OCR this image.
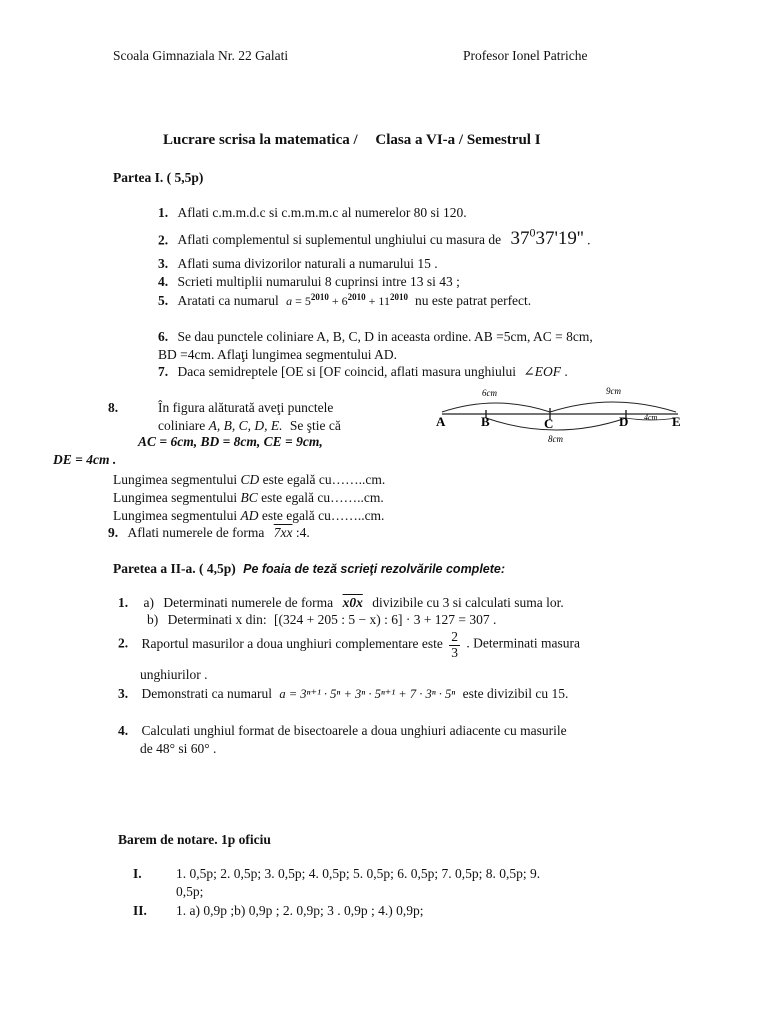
Scoala Gimnaziala Nr. 22 Galati	Profesor Ionel Patriche
Lucrare scrisa la matematica / Clasa a VI-a / Semestrul I
Partea I. ( 5,5p)
1. Aflati c.m.m.d.c si c.m.m.m.c al numerelor 80 si 120.
2. Aflati complementul si suplementul unghiului cu masura de $37^037'19''$ .
3. Aflati suma divizorilor naturali a numarului 15 .
4. Scrieti multiplii numarului 8 cuprinsi intre 13 si 43 ;
5. Aratati ca numarul $a = 5^{2010} + 6^{2010} + 11^{2010}$ nu este patrat perfect.
6. Se dau punctele coliniare A, B, C, D in aceasta ordine. AB =5cm, AC = 8cm,
BD =4cm. Aflaţi lungimea segmentului AD.
7. Daca semidreptele [OE si [OF coincid, aflati masura unghiului ∠EOF .
8.	În figura alăturată aveţi punctele
coliniare A, B, C, D, E. Se ştie că
AC = 6cm, BD = 8cm, CE = 9cm,
DE = 4cm .
Lungimea segmentului CD este egală cu……..cm.
Lungimea segmentului BC este egală cu……..cm.
Lungimea segmentului AD este egală cu……..cm.
A	B	C	D	E
6cm	9cm
4cm
8cm
9. Aflati numerele de forma 7xx :4.
Paretea a II-a. ( 4,5p) Pe foaia de teză scrieţi rezolvările complete:
1. a) Determinati numerele de forma x0x divizibile cu 3 si calculati suma lor.
b) Determinati x din: [(324 + 205 : 5 − x) : 6] · 3 + 127 = 307 .
2. Raportul masurilor a doua unghiuri complementare este $\frac{2}{3}$ . Determinati masura
unghiurilor .
3. Demonstrati ca numarul a = 3ⁿ⁺¹ · 5ⁿ + 3ⁿ · 5ⁿ⁺¹ + 7 · 3ⁿ · 5ⁿ este divizibil cu 15.
4. Calculati unghiul format de bisectoarele a doua unghiuri adiacente cu masurile
de 48° si 60° .
Barem de notare. 1p oficiu
I.	1. 0,5p; 2. 0,5p; 3. 0,5p; 4. 0,5p; 5. 0,5p; 6. 0,5p; 7. 0,5p; 8. 0,5p; 9.
0,5p;
II. 1. a) 0,9p ;b) 0,9p ; 2. 0,9p; 3 . 0,9p ; 4.) 0,9p;
